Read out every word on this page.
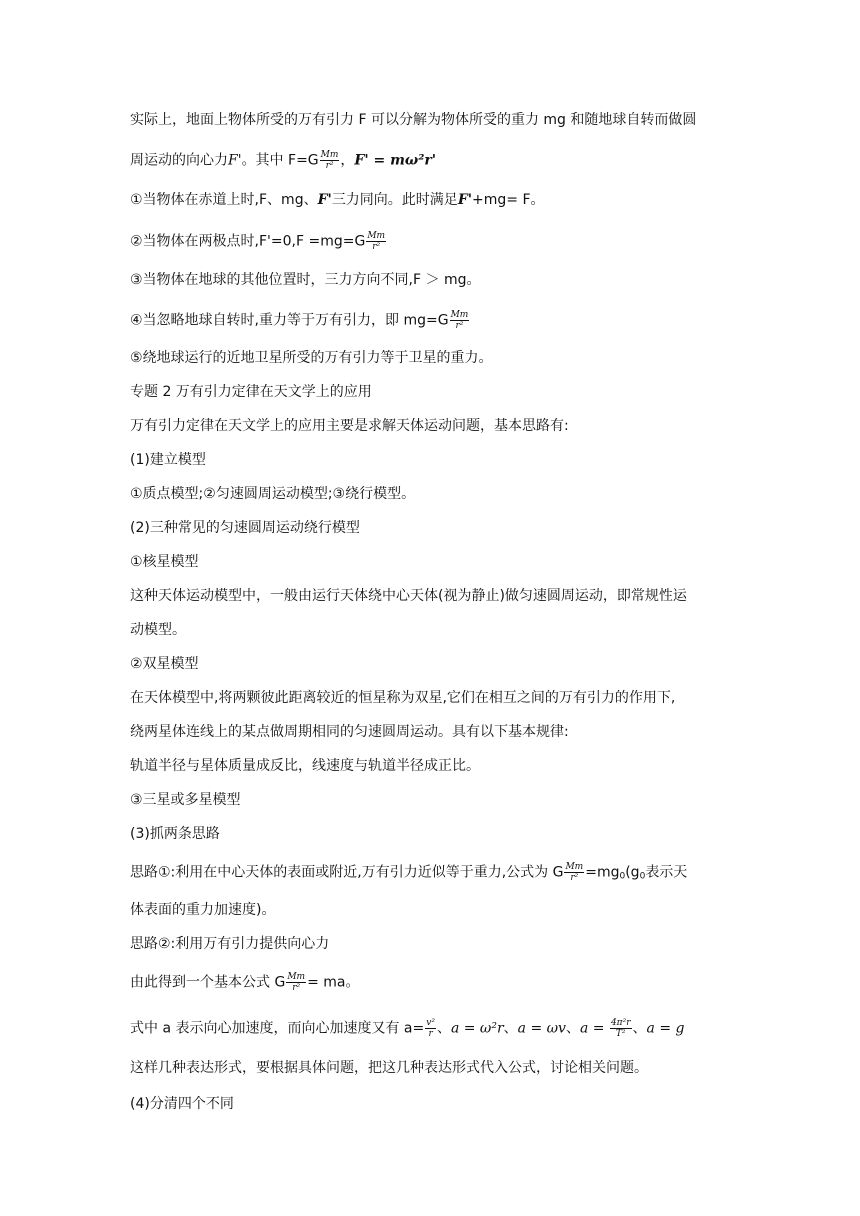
实际上，地面上物体所受的万有引力 F 可以分解为物体所受的重力 mg 和随地球自转而做圆
周运动的向心力F'。其中 $F=G \frac{Mm}{\text{r²}}$ ，F' = mω²r'
①当物体在赤道上时,F、mg、F'三力同向。此时满足F'+mg= F。
②当物体在两极点时$,F'=0,F =mg=G \frac{Mm}{\text{r²}}$
③当物体在地球的其他位置时，三力方向不同,F ＞ mg。
④当忽略地球自转时,重力等于万有引力，即 $mg=G \frac{Mm}{\text{r²}}$
⑤绕地球运行的近地卫星所受的万有引力等于卫星的重力。
专题 2 万有引力定律在天文学上的应用
万有引力定律在天文学上的应用主要是求解天体运动问题，基本思路有:
(1)建立模型
①质点模型;②匀速圆周运动模型;③绕行模型。
(2)三种常见的匀速圆周运动绕行模型
①核星模型
这种天体运动模型中，一般由运行天体绕中心天体(视为静止)做匀速圆周运动，即常规性运
动模型。
②双星模型
在天体模型中,将两颗彼此距离较近的恒星称为双星,它们在相互之间的万有引力的作用下,
绕两星体连线上的某点做周期相同的匀速圆周运动。具有以下基本规律:
轨道半径与星体质量成反比，线速度与轨道半径成正比。
③三星或多星模型
(3)抓两条思路
思路①:利用在中心天体的表面或附近,万有引力近似等于重力,公式为 G $\frac{Mm}{\text{r²}} =mg_0(g_0$表示天
体表面的重力加速度)。
思路②:利用万有引力提供向心力
由此得到一个基本公式 G $\frac{Mm}{\text{r²}}$ = ma。
式中 a 表示向心加速度，而向心加速度又有 $a= \frac{\text{v²}}{r}$ 、a = ω²r、a = ωv、$a = \frac{\text{4π²r}}{\text{T²}}$ 、a = g
这样几种表达形式，要根据具体问题，把这几种表达形式代入公式，讨论相关问题。
(4)分清四个不同
